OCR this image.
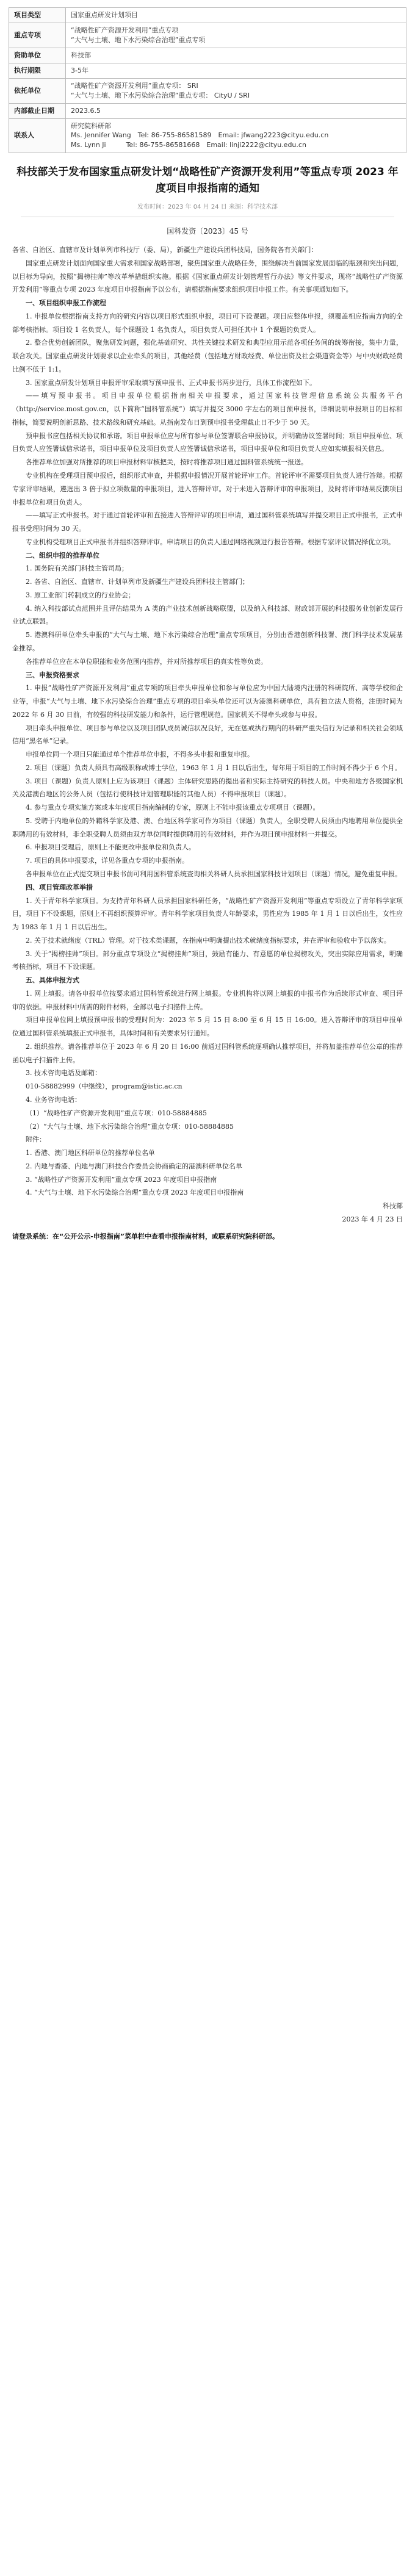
项目类型	国家重点研发计划项目

重点专项	“战略性矿产资源开发利用”重点专项
“大气与土壤、地下水污染综合治理”重点专项

资助单位	科技部

执行期限	3-5年

依托单位	“战略性矿产资源开发利用”重点专项： SRI
“大气与土壤、地下水污染综合治理”重点专项： CityU / SRI

内部截止日期	2023.6.5

联系人	研究院科研部
Ms. Jennifer Wang　Tel: 86-755-86581589　Email: jfwang2223@cityu.edu.cn
Ms. Lynn Ji　　　Tel: 86-755-86581668　Email: linji2222@cityu.edu.cn
科技部关于发布国家重点研发计划“战略性矿产资源开发利用”等重点专项 2023 年度项目申报指南的通知
发布时间：2023 年 04 月 24 日 来源：科学技术部
国科发资〔2023〕45 号

各省、自治区、直辖市及计划单列市科技厅（委、局），新疆生产建设兵团科技局，国务院各有关部门：

国家重点研发计划面向国家重大需求和国家战略部署，聚焦国家重大战略任务，围绕解决当前国家发展面临的瓶颈和突出问题，以目标为导向，按照“揭榜挂帅”等改革举措组织实施。根据《国家重点研发计划管理暂行办法》等文件要求，现将“战略性矿产资源开发利用”等重点专项 2023 年度项目申报指南予以公布，请根据指南要求组织项目申报工作。有关事项通知如下。

一、项目组织申报工作流程

1. 申报单位根据指南支持方向的研究内容以项目形式组织申报，项目可下设课题。项目应整体申报，须覆盖相应指南方向的全部考核指标。项目设 1 名负责人，每个课题设 1 名负责人，项目负责人可担任其中 1 个课题的负责人。

2. 整合优势创新团队，聚焦研发问题，强化基础研究、共性关键技术研发和典型应用示范各项任务间的统筹衔接，集中力量，联合攻关。国家重点研发计划要求以企业牵头的项目，其他经费（包括地方财政经费、单位出资及社会渠道资金等）与中央财政经费比例不低于 1:1。

3. 国家重点研发计划项目申报评审采取填写预申报书、正式申报书两步进行，具体工作流程如下。

——填写预申报书。项目申报单位根据指南相关申报要求，通过国家科技管理信息系统公共服务平台（http://service.most.gov.cn，以下简称“国科管系统”）填写并提交 3000 字左右的项目预申报书，详细说明申报项目的目标和指标，简要说明创新思路、技术路线和研究基础。从指南发布日到预申报书受理截止日不少于 50 天。

预申报书应包括相关协议和承诺。项目申报单位应与所有参与单位签署联合申报协议，并明确协议签署时间；项目申报单位、项目负责人应签署诚信承诺书，项目申报单位及项目负责人应签署诚信承诺书，项目申报单位和项目负责人应如实填报相关信息。

各推荐单位加强对所推荐的项目申报材料审核把关，按时将推荐项目通过国科管系统统一报送。

专业机构在受理项目预申报后，组织形式审查，并根据申报情况开展首轮评审工作。首轮评审不需要项目负责人进行答辩。根据专家评审结果，遴选出 3 倍于拟立项数量的申报项目，进入答辩评审。对于未进入答辩评审的申报项目，及时将评审结果反馈项目申报单位和项目负责人。

——填写正式申报书。对于通过首轮评审和直接进入答辩评审的项目申请，通过国科管系统填写并提交项目正式申报书，正式申报书受理时间为 30 天。

专业机构受理项目正式申报书并组织答辩评审。申请项目的负责人通过网络视频进行报告答辩。根据专家评议情况择优立项。

二、组织申报的推荐单位

1. 国务院有关部门科技主管司局；

2. 各省、自治区、直辖市、计划单列市及新疆生产建设兵团科技主管部门；

3. 原工业部门转制成立的行业协会；

4. 纳入科技部试点范围并且评估结果为 A 类的产业技术创新战略联盟，以及纳入科技部、财政部开展的科技服务业创新发展行业试点联盟。

5. 港澳科研单位牵头申报的“大气与土壤、地下水污染综合治理”重点专项项目，分别由香港创新科技署、澳门科学技术发展基金推荐。

各推荐单位应在本单位职能和业务范围内推荐，并对所推荐项目的真实性等负责。

三、申报资格要求

1. 申报“战略性矿产资源开发利用”重点专项的项目牵头申报单位和参与单位应为中国大陆境内注册的科研院所、高等学校和企业等，申报“大气与土壤、地下水污染综合治理”重点专项的项目牵头单位还可以为港澳科研单位，具有独立法人资格，注册时间为 2022 年 6 月 30 日前，有较强的科技研发能力和条件，运行管理规范。国家机关不得牵头或参与申报。

项目牵头申报单位、项目参与单位以及项目团队成员诚信状况良好，无在惩戒执行期内的科研严重失信行为记录和相关社会领域信用“黑名单”记录。

申报单位同一个项目只能通过单个推荐单位申报，不得多头申报和重复申报。

2. 项目（课题）负责人须具有高级职称或博士学位，1963 年 1 月 1 日以后出生，每年用于项目的工作时间不得少于 6 个月。

3. 项目（课题）负责人原则上应为该项目（课题）主体研究思路的提出者和实际主持研究的科技人员。中央和地方各级国家机关及港澳台地区的公务人员（包括行使科技计划管理职能的其他人员）不得申报项目（课题）。

4. 参与重点专项实施方案或本年度项目指南编制的专家，原则上不能申报该重点专项项目（课题）。

5. 受聘于内地单位的外籍科学家及港、澳、台地区科学家可作为项目（课题）负责人，全职受聘人员须由内地聘用单位提供全职聘用的有效材料，非全职受聘人员须由双方单位同时提供聘用的有效材料，并作为项目预申报材料一并提交。

6. 申报项目受理后，原则上不能更改申报单位和负责人。

7. 项目的具体申报要求，详见各重点专项的申报指南。

各申报单位在正式提交项目申报书前可利用国科管系统查询相关科研人员承担国家科技计划项目（课题）情况，避免重复申报。

四、项目管理改革举措

1. 关于青年科学家项目。为支持青年科研人员承担国家科研任务，“战略性矿产资源开发利用”等重点专项设立了青年科学家项目，项目下不设课题，原则上不再组织预算评审。青年科学家项目负责人年龄要求，男性应为 1985 年 1 月 1 日以后出生，女性应为 1983 年 1 月 1 日以后出生。

2. 关于技术就绪度（TRL）管理。对于技术类课题，在指南中明确提出技术就绪度指标要求，并在评审和验收中予以落实。

3. 关于“揭榜挂帅”项目。部分重点专项设立“揭榜挂帅”项目，鼓励有能力、有意愿的单位揭榜攻关，突出实际应用需求，明确考核指标，项目不下设课题。

五、具体申报方式

1. 网上填报。请各申报单位按要求通过国科管系统进行网上填报。专业机构将以网上填报的申报书作为后续形式审查、项目评审的依据。申报材料中所需的附件材料，全部以电子扫描件上传。

项目申报单位网上填报预申报书的受理时间为：2023 年 5 月 15 日 8:00 至 6 月 15 日 16:00。进入答辩评审的项目申报单位通过国科管系统填报正式申报书，具体时间和有关要求另行通知。

2. 组织推荐。请各推荐单位于 2023 年 6 月 20 日 16:00 前通过国科管系统逐项确认推荐项目，并将加盖推荐单位公章的推荐函以电子扫描件上传。

3. 技术咨询电话及邮箱：

010-58882999（中继线），program@istic.ac.cn

4. 业务咨询电话：

（1）“战略性矿产资源开发利用”重点专项：010-58884885

（2）“大气与土壤、地下水污染综合治理”重点专项：010-58884885

附件：

1. 香港、澳门地区科研单位的推荐单位名单

2. 内地与香港、内地与澳门科技合作委员会协商确定的港澳科研单位名单

3. “战略性矿产资源开发利用”重点专项 2023 年度项目申报指南

4. “大气与土壤、地下水污染综合治理”重点专项 2023 年度项目申报指南

科技部

2023 年 4 月 23 日

请登录系统：在“公开公示-申报指南”菜单栏中查看申报指南材料，或联系研究院科研部。
